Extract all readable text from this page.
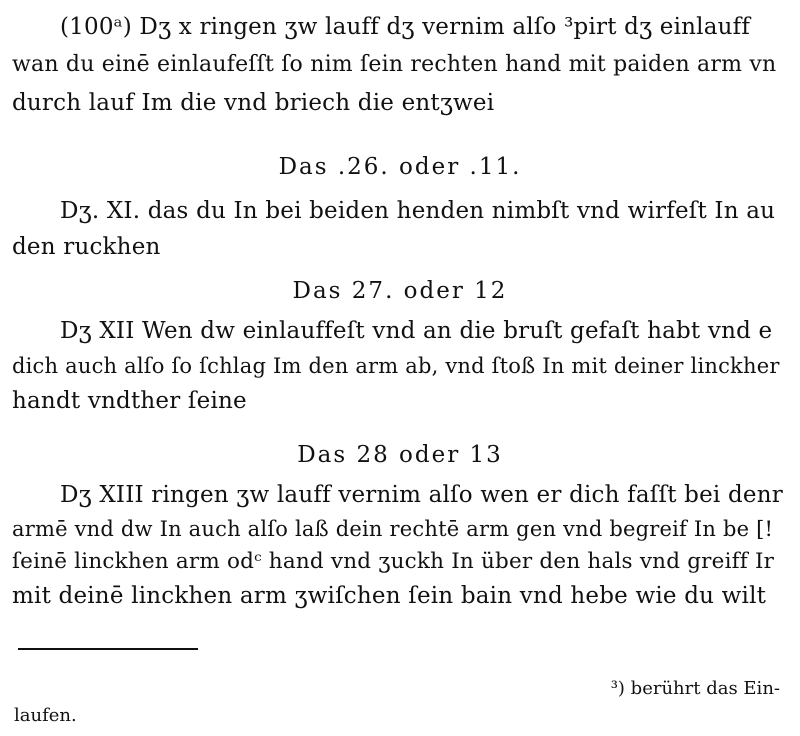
(100ᵃ) Dʒ x ringen ʒw lauff dʒ vernim alſo ³pirt dʒ einlauff
wan du einē einlaufeſſt ſo nim ſein rechten hand mit paiden arm vn
durch lauf Im die vnd briech die entʒwei
Das .26. oder .11.
Dʒ. XI. das du In bei beiden henden nimbſt vnd wirfeſt In au
den ruckhen
Das 27. oder 12
Dʒ XII Wen dw einlauffeſt vnd an die bruſt gefaſt habt vnd e
dich auch alſo ſo ſchlag Im den arm ab, vnd ſtoß In mit deiner linckher
handt vndther ſeine
Das 28 oder 13
Dʒ XIII ringen ʒw lauff vernim alſo wen er dich faſſt bei denr
armē vnd dw In auch alſo laß dein rechtē arm gen vnd begreif In be [!
ſeinē linckhen arm odᶜ hand vnd ʒuckh In über den hals vnd greiff Ir
mit deinē linckhen arm ʒwiſchen ſein bain vnd hebe wie du wilt
³) berührt das Ein-
laufen.
